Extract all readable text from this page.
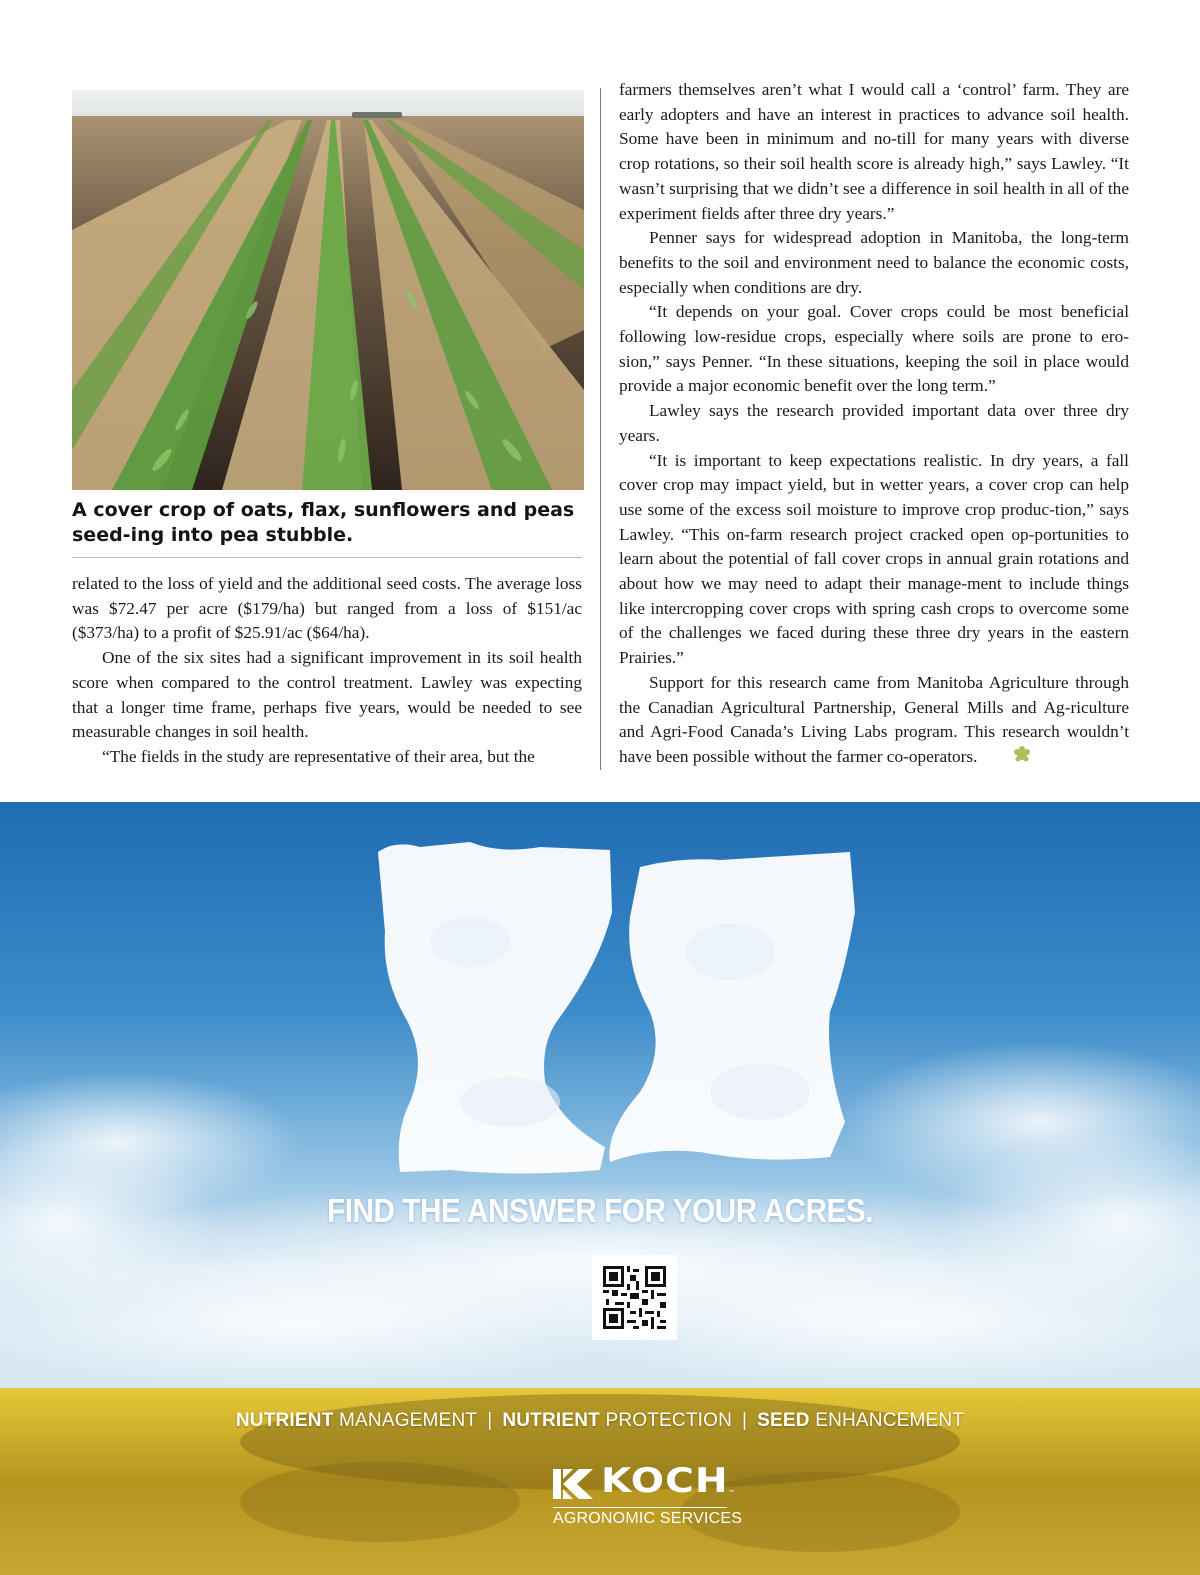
A cover crop of oats, flax, sunflowers and peas seed-ing into pea stubble.

related to the loss of yield and the additional seed costs. The average loss was $72.47 per acre ($179/ha) but ranged from a loss of $151/ac ($373/ha) to a profit of $25.91/ac ($64/ha).

One of the six sites had a significant improvement in its soil health score when compared to the control treatment. Lawley was expecting that a longer time frame, perhaps five years, would be needed to see measurable changes in soil health.

“The fields in the study are representative of their area, but the

farmers themselves aren’t what I would call a ‘control’ farm. They are early adopters and have an interest in practices to advance soil health. Some have been in minimum and no-till for many years with diverse crop rotations, so their soil health score is already high,” says Lawley. “It wasn’t surprising that we didn’t see a difference in soil health in all of the experiment fields after three dry years.”

Penner says for widespread adoption in Manitoba, the long-term benefits to the soil and environment need to balance the economic costs, especially when conditions are dry.

“It depends on your goal. Cover crops could be most beneficial following low-residue crops, especially where soils are prone to ero-sion,” says Penner. “In these situations, keeping the soil in place would provide a major economic benefit over the long term.”

Lawley says the research provided important data over three dry years.

“It is important to keep expectations realistic. In dry years, a fall cover crop may impact yield, but in wetter years, a cover crop can help use some of the excess soil moisture to improve crop produc-tion,” says Lawley. “This on-farm research project cracked open op-portunities to learn about the potential of fall cover crops in annual grain rotations and about how we may need to adapt their manage-ment to include things like intercropping cover crops with spring cash crops to overcome some of the challenges we faced during these three dry years in the eastern Prairies.”

Support for this research came from Manitoba Agriculture through the Canadian Agricultural Partnership, General Mills and Ag-riculture and Agri-Food Canada’s Living Labs program. This research wouldn’t have been possible without the farmer co-operators.

FIND THE ANSWER FOR YOUR ACRES.
NUTRIENT MANAGEMENT | NUTRIENT PROTECTION | SEED ENHANCEMENT
KOCH ™
AGRONOMIC SERVICES
